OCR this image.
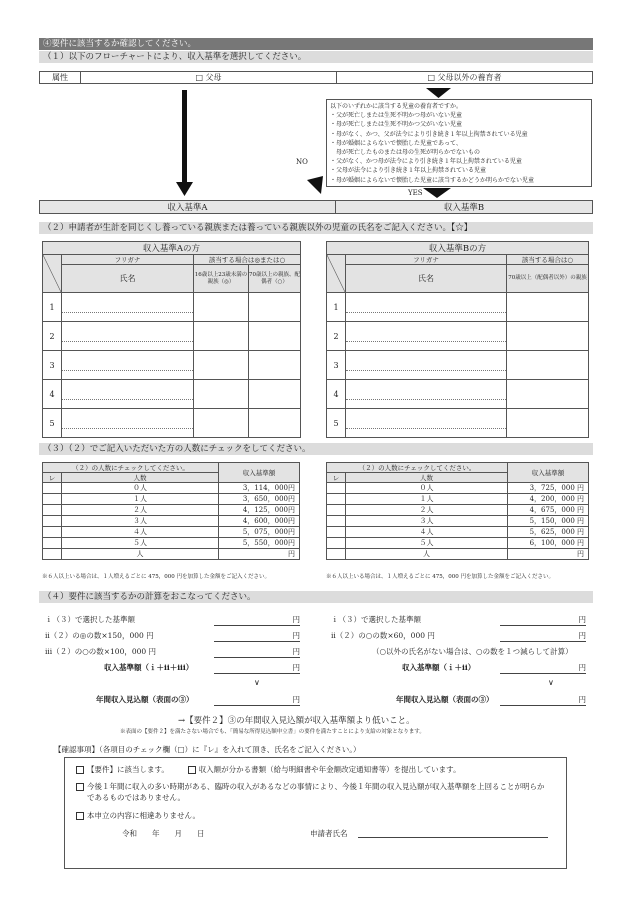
④要件に該当するか確認してください。
（１）以下のフローチャートにより、収入基準を選択してください。
属性	□ 父母	□ 父母以外の養育者
以下のいずれかに該当する児童の養育者ですか。
・父が死亡しまたは生死不明かつ母がいない児童
・母が死亡しまたは生死不明かつ父がいない児童
・母がなく、かつ、父が法令により引き続き１年以上拘禁されている児童
・母が婚姻によらないで懐胎した児童であって、
　母が死亡したものまたは母の生死が明らかでないもの
・父がなく、かつ母が法令により引き続き１年以上拘禁されている児童
・父母が法令により引き続き１年以上拘禁されている児童
・母が婚姻によらないで懐胎した児童に該当するかどうか明らかでない児童
NO
YES
収入基準A	収入基準B
（２）申請者が生計を同じくし養っている親族または養っている親族以外の児童の氏名をご記入ください。【☆】
収入基準Aの方			

	フリガナ	該当する場合は◎または○	
	氏名	16歳以上23歳未満の親族（◎）	70歳以上の親族、配偶者（○）

1	

2	

3	

4	

5	

収入基準Bの方		

	フリガナ	該当する場合は○
	氏名	70歳以上（配偶者以外）の親族

1	

2	

3	

4	

5	

（３）（２）でご記入いただいた方の人数にチェックをしてください。
（２）の人数にチェックしてください。		収入基準額
レ	人数	
	０人	3，114，000円
	１人	3，650，000円
	２人	4，125，000円
	３人	4，600，000円
	４人	5，075，000円
	５人	5，550，000円
	人	円
※６人以上いる場合は、１人増えるごとに 475，000 円を加算した金額をご記入ください。
（２）の人数にチェックしてください。		収入基準額
レ	人数	
	０人	3，725，000 円
	１人	4，200，000 円
	２人	4，675，000 円
	３人	5，150，000 円
	４人	5，625，000 円
	５人	6，100，000 円
	人	円
※６人以上いる場合は、１人増えるごとに 475，000 円を加算した金額をご記入ください。
（４）要件に該当するかの計算をおこなってください。
ｉ（３）で選択した基準額	円
ii（２）の◎の数×150，000 円	円
iii（２）の○の数×100，000 円	円
収入基準額（ｉ＋ii＋iii）	円
∨
年間収入見込額（表面の③）	円
ｉ（３）で選択した基準額	円
ii（２）の○の数×60，000 円	円
（○以外の氏名がない場合は、○の数を１つ減らして計算）
収入基準額（ｉ＋ii）	円
∨
年間収入見込額（表面の③）	円
→【要件２】③の年間収入見込額が収入基準額より低いこと。
※表面の【要件２】を満たさない場合でも、「簡易な所得見込額申立書」の要件を満たすことにより支給の対象となります。
【確認事項】（各項目のチェック欄（□）に『レ』を入れて頂き、氏名をご記入ください。）
【要件】に該当します。	収入額が分かる書類（給与明細書や年金額改定通知書等）を提出しています。
今後１年間に収入の多い時期がある、臨時の収入があるなどの事情により、今後１年間の収入見込額が収入基準額を上回ることが明らかであるものではありません。
本申立の内容に相違ありません。
令和　　年　　月　　日	申請者氏名
